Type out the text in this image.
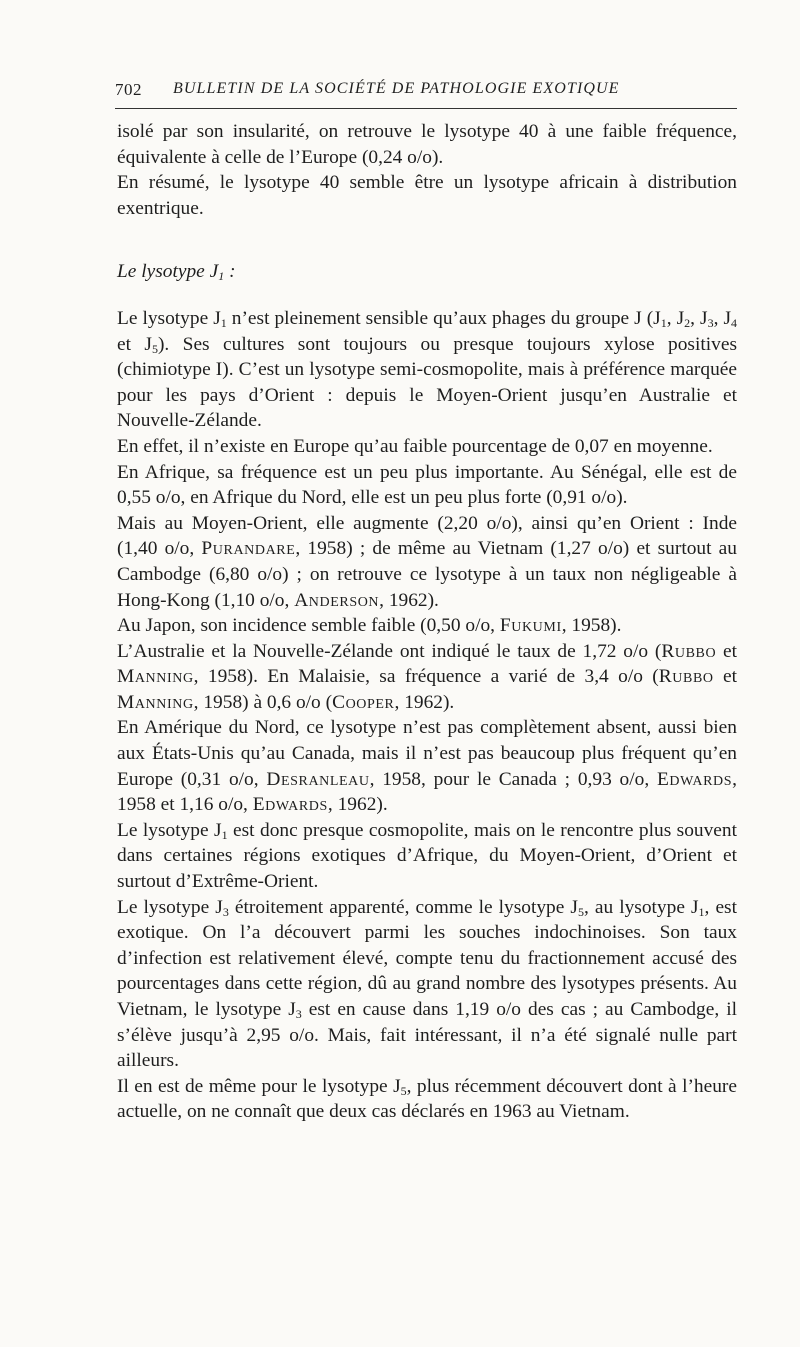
702 BULLETIN DE LA SOCIÉTÉ DE PATHOLOGIE EXOTIQUE

isolé par son insularité, on retrouve le lysotype 40 à une faible fréquence, équivalente à celle de l’Europe (0,24 o/o).

En résumé, le lysotype 40 semble être un lysotype africain à distribution exentrique.

Le lysotype $J_1$ :

Le lysotype $J_1$ n’est pleinement sensible qu’aux phages du groupe J ($J_1$, $J_2$, $J_3$, $J_4$ et $J_5$). Ses cultures sont toujours ou presque toujours xylose positives (chimiotype I). C’est un lysotype semi-cosmopolite, mais à préférence marquée pour les pays d’Orient : depuis le Moyen-Orient jusqu’en Australie et Nouvelle-Zélande.

En effet, il n’existe en Europe qu’au faible pourcentage de 0,07 en moyenne.

En Afrique, sa fréquence est un peu plus importante. Au Sénégal, elle est de 0,55 o/o, en Afrique du Nord, elle est un peu plus forte (0,91 o/o).

Mais au Moyen-Orient, elle augmente (2,20 o/o), ainsi qu’en Orient : Inde (1,40 o/o, Purandare, 1958) ; de même au Vietnam (1,27 o/o) et surtout au Cambodge (6,80 o/o) ; on retrouve ce lysotype à un taux non négligeable à Hong-Kong (1,10 o/o, Anderson, 1962).

Au Japon, son incidence semble faible (0,50 o/o, Fukumi, 1958).

L’Australie et la Nouvelle-Zélande ont indiqué le taux de 1,72 o/o (Rubbo et Manning, 1958). En Malaisie, sa fréquence a varié de 3,4 o/o (Rubbo et Manning, 1958) à 0,6 o/o (Cooper, 1962).

En Amérique du Nord, ce lysotype n’est pas complètement absent, aussi bien aux États-Unis qu’au Canada, mais il n’est pas beaucoup plus fréquent qu’en Europe (0,31 o/o, Desranleau, 1958, pour le Canada ; 0,93 o/o, Edwards, 1958 et 1,16 o/o, Edwards, 1962).

Le lysotype $J_1$ est donc presque cosmopolite, mais on le rencontre plus souvent dans certaines régions exotiques d’Afrique, du Moyen-Orient, d’Orient et surtout d’Extrême-Orient.

Le lysotype $J_3$ étroitement apparenté, comme le lysotype $J_5$, au lysotype $J_1$, est exotique. On l’a découvert parmi les souches indochinoises. Son taux d’infection est relativement élevé, compte tenu du fractionnement accusé des pourcentages dans cette région, dû au grand nombre des lysotypes présents. Au Vietnam, le lysotype $J_3$ est en cause dans 1,19 o/o des cas ; au Cambodge, il s’élève jusqu’à 2,95 o/o. Mais, fait intéressant, il n’a été signalé nulle part ailleurs.

Il en est de même pour le lysotype $J_5$, plus récemment découvert dont à l’heure actuelle, on ne connaît que deux cas déclarés en 1963 au Vietnam.
